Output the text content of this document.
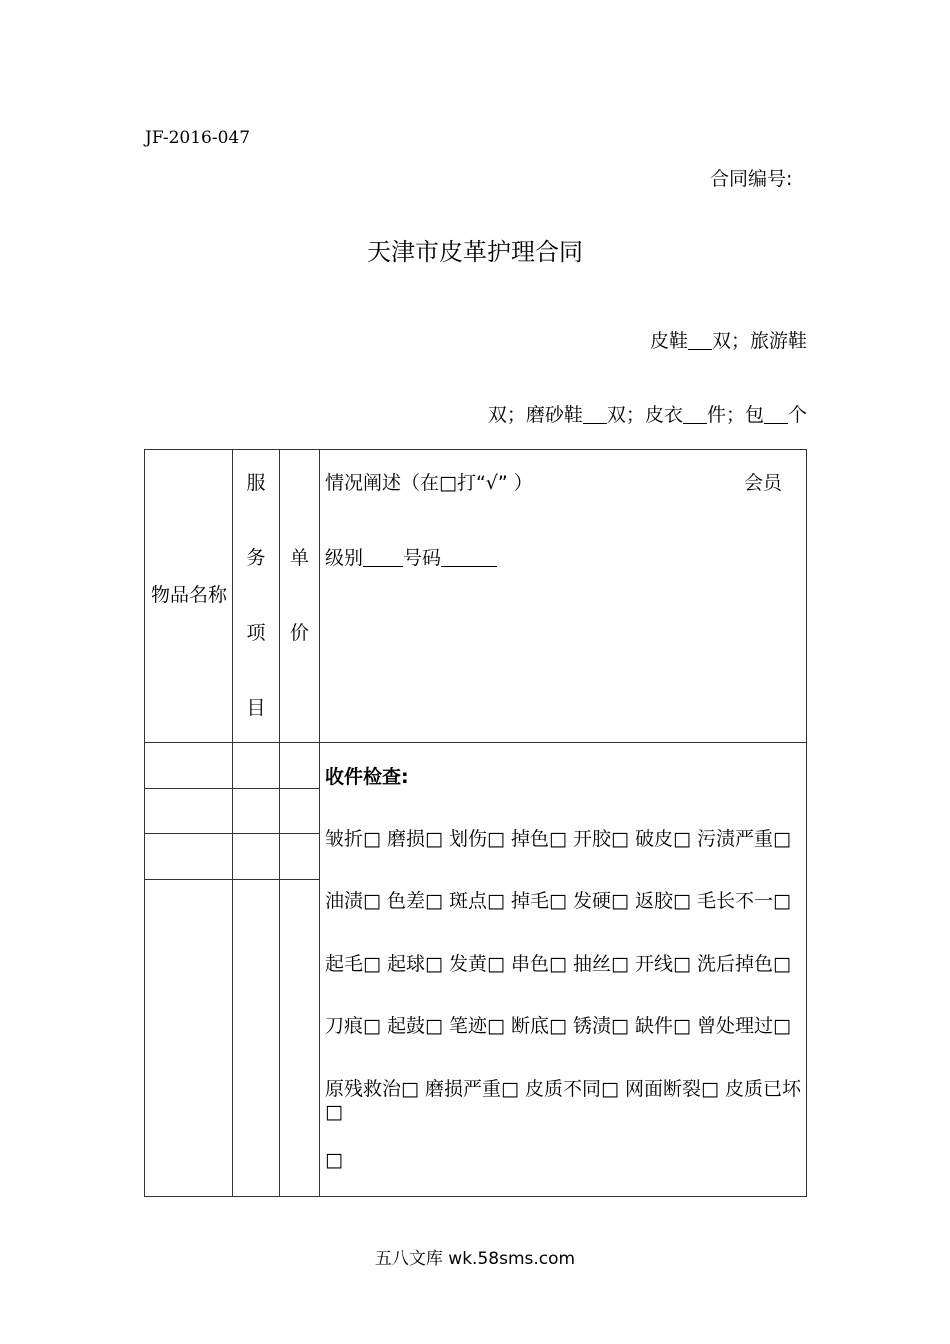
JF-2016-047
合同编号:
天津市皮革护理合同
皮鞋 双；旅游鞋
双；磨砂鞋 双；皮衣 件；包 个
物品名称
服
务
项
目
单
价
情况阐述（在□打“√” ）	会员
级别 号码
收件检查:
皱折□ 磨损□ 划伤□ 掉色□ 开胶□ 破皮□ 污渍严重□
油渍□ 色差□ 斑点□ 掉毛□ 发硬□ 返胶□ 毛长不一□
起毛□ 起球□ 发黄□ 串色□ 抽丝□ 开线□ 洗后掉色□
刀痕□ 起鼓□ 笔迹□ 断底□ 锈渍□ 缺件□ 曾处理过□
原残救治□ 磨损严重□ 皮质不同□ 网面断裂□ 皮质已坏□
□
五八文库 wk.58sms.com
